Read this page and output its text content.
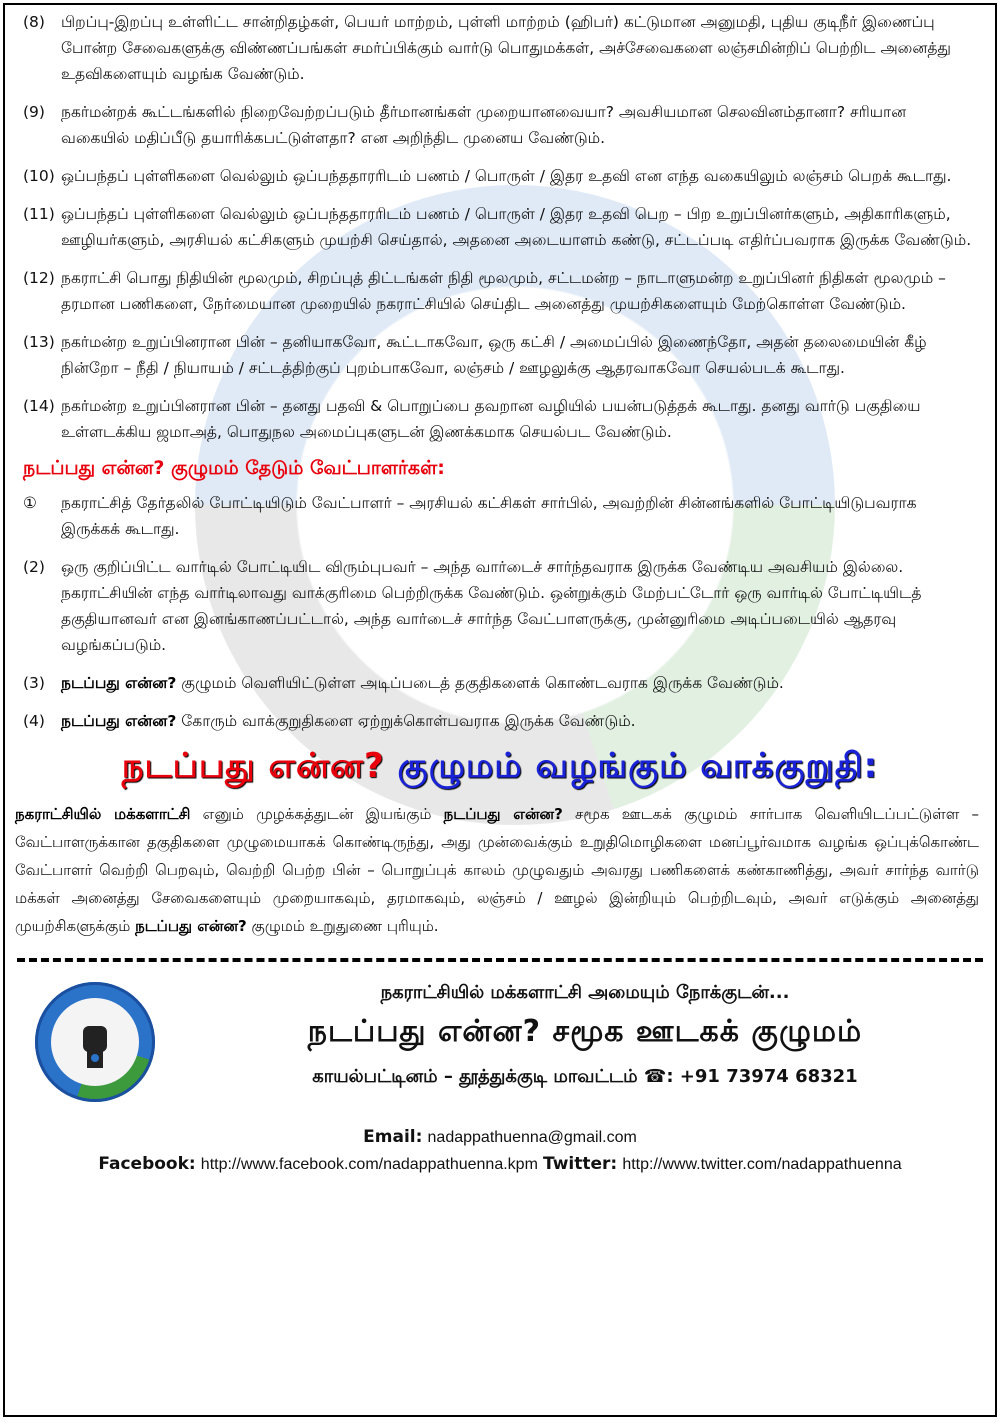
(8)	பிறப்பு-இறப்பு உள்ளிட்ட சான்றிதழ்கள், பெயர் மாற்றம், புள்ளி மாற்றம் (ஹிபர்) கட்டுமான அனுமதி, புதிய குடிநீர் இணைப்பு போன்ற சேவைகளுக்கு விண்ணப்பங்கள் சமர்ப்பிக்கும் வார்டு பொதுமக்கள், அச்சேவைகளை லஞ்சமின்றிப் பெற்றிட அனைத்து உதவிகளையும் வழங்க வேண்டும்.
(9)	நகர்மன்றக் கூட்டங்களில் நிறைவேற்றப்படும் தீர்மானங்கள் முறையானவையா? அவசியமான செலவினம்தானா? சரியான வகையில் மதிப்பீடு தயாரிக்கபட்டுள்ளதா? என அறிந்திட முனைய வேண்டும்.
(10) ஒப்பந்தப் புள்ளிகளை வெல்லும் ஒப்பந்ததாரரிடம் பணம் / பொருள் / இதர உதவி என எந்த வகையிலும் லஞ்சம் பெறக் கூடாது.
(11) ஒப்பந்தப் புள்ளிகளை வெல்லும் ஒப்பந்ததாரரிடம் பணம் / பொருள் / இதர உதவி பெற – பிற உறுப்பினர்களும், அதிகாரிகளும், ஊழியர்களும், அரசியல் கட்சிகளும் முயற்சி செய்தால், அதனை அடையாளம் கண்டு, சட்டப்படி எதிர்ப்பவராக இருக்க வேண்டும்.
(12) நகராட்சி பொது நிதியின் மூலமும், சிறப்புத் திட்டங்கள் நிதி மூலமும், சட்டமன்ற – நாடாளுமன்ற உறுப்பினர் நிதிகள் மூலமும் – தரமான பணிகளை, நேர்மையான முறையில் நகராட்சியில் செய்திட அனைத்து முயற்சிகளையும் மேற்கொள்ள வேண்டும்.
(13) நகர்மன்ற உறுப்பினரான பின் – தனியாகவோ, கூட்டாகவோ, ஒரு கட்சி / அமைப்பில் இணைந்தோ, அதன் தலைமையின் கீழ் நின்றோ – நீதி / நியாயம் / சட்டத்திற்குப் புறம்பாகவோ, லஞ்சம் / ஊழலுக்கு ஆதரவாகவோ செயல்படக் கூடாது.
(14) நகர்மன்ற உறுப்பினரான பின் – தனது பதவி & பொறுப்பை தவறான வழியில் பயன்படுத்தக் கூடாது. தனது வார்டு பகுதியை உள்ளடக்கிய ஜமாஅத், பொதுநல அமைப்புகளுடன் இணக்கமாக செயல்பட வேண்டும்.
நடப்பது என்ன? குழுமம் தேடும் வேட்பாளர்கள்:
①	நகராட்சித் தேர்தலில் போட்டியிடும் வேட்பாளர் – அரசியல் கட்சிகள் சார்பில், அவற்றின் சின்னங்களில் போட்டியிடுபவராக இருக்கக் கூடாது.
(2)	ஒரு குறிப்பிட்ட வார்டில் போட்டியிட விரும்புபவர் – அந்த வார்டைச் சார்ந்தவராக இருக்க வேண்டிய அவசியம் இல்லை. நகராட்சியின் எந்த வார்டிலாவது வாக்குரிமை பெற்றிருக்க வேண்டும். ஒன்றுக்கும் மேற்பட்டோர் ஒரு வார்டில் போட்டியிடத் தகுதியானவர் என இனங்காணப்பட்டால், அந்த வார்டைச் சார்ந்த வேட்பாளருக்கு, முன்னுரிமை அடிப்படையில் ஆதரவு வழங்கப்படும்.
(3)	நடப்பது என்ன? குழுமம் வெளியிட்டுள்ள அடிப்படைத் தகுதிகளைக் கொண்டவராக இருக்க வேண்டும்.
(4)	நடப்பது என்ன? கோரும் வாக்குறுதிகளை ஏற்றுக்கொள்பவராக இருக்க வேண்டும்.
நடப்பது என்ன? குழுமம் வழங்கும் வாக்குறுதி:

நகராட்சியில் மக்களாட்சி எனும் முழக்கத்துடன் இயங்கும் நடப்பது என்ன? சமூக ஊடகக் குழுமம் சார்பாக வெளியிடப்பட்டுள்ள – வேட்பாளருக்கான தகுதிகளை முழுமையாகக் கொண்டிருந்து, அது முன்வைக்கும் உறுதிமொழிகளை மனப்பூர்வமாக வழங்க ஒப்புக்கொண்ட வேட்பாளர் வெற்றி பெறவும், வெற்றி பெற்ற பின் – பொறுப்புக் காலம் முழுவதும் அவரது பணிகளைக் கண்காணித்து, அவர் சார்ந்த வார்டு மக்கள் அனைத்து சேவைகளையும் முறையாகவும், தரமாகவும், லஞ்சம் / ஊழல் இன்றியும் பெற்றிடவும், அவர் எடுக்கும் அனைத்து முயற்சிகளுக்கும் நடப்பது என்ன? குழுமம் உறுதுணை புரியும்.

நகராட்சியில் மக்களாட்சி அமையும் நோக்குடன்...
நடப்பது என்ன? சமூக ஊடகக் குழுமம்
காயல்பட்டினம் – தூத்துக்குடி மாவட்டம் ☎: +91 73974 68321
Email: nadappathuenna@gmail.com
Facebook: http://www.facebook.com/nadappathuenna.kpm Twitter: http://www.twitter.com/nadappathuenna
